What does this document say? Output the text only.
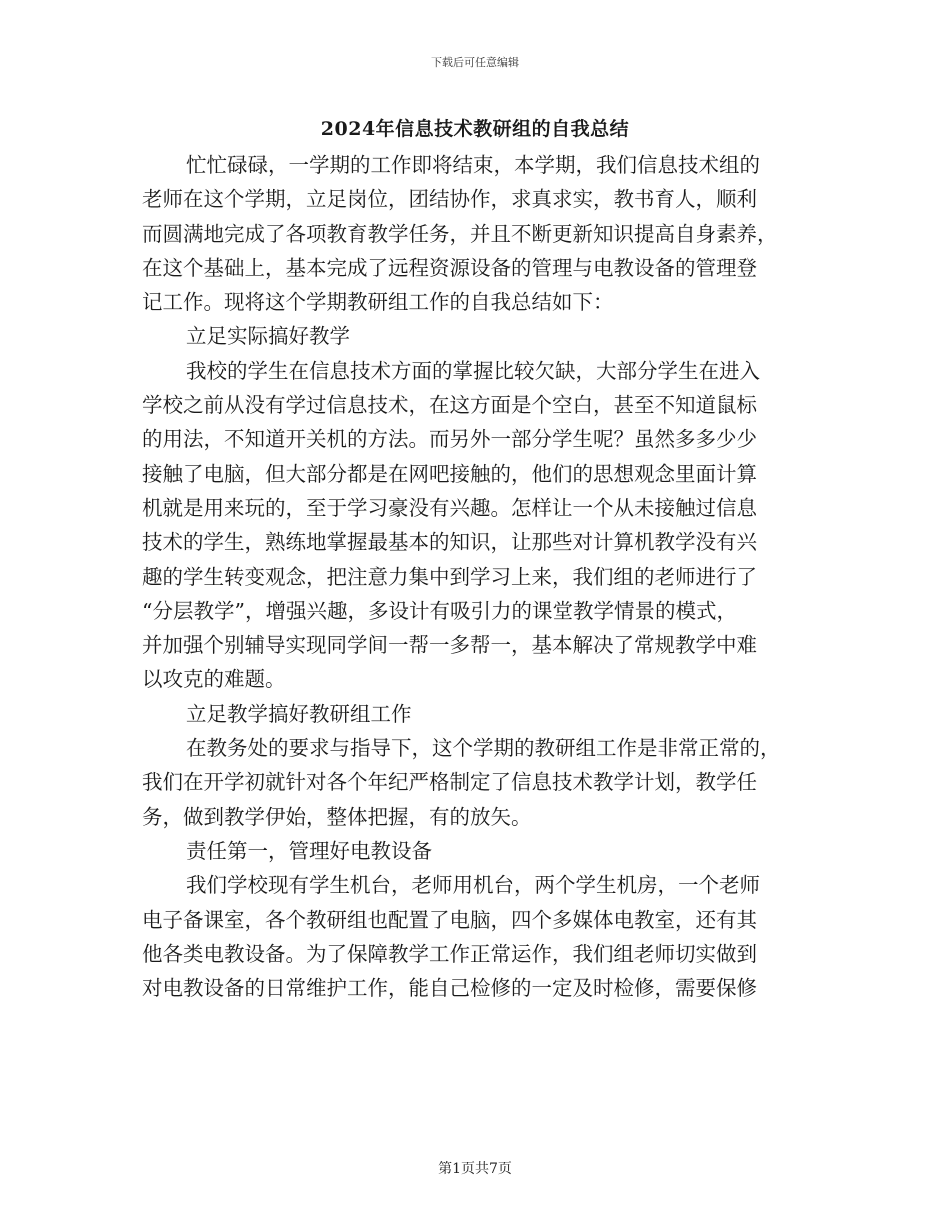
下载后可任意编辑
2024年信息技术教研组的自我总结
忙忙碌碌，一学期的工作即将结束，本学期，我们信息技术组的
老师在这个学期，立足岗位，团结协作，求真求实，教书育人，顺利
而圆满地完成了各项教育教学任务，并且不断更新知识提高自身素养，
在这个基础上，基本完成了远程资源设备的管理与电教设备的管理登
记工作。现将这个学期教研组工作的自我总结如下：
立足实际搞好教学
我校的学生在信息技术方面的掌握比较欠缺，大部分学生在进入
学校之前从没有学过信息技术，在这方面是个空白，甚至不知道鼠标
的用法，不知道开关机的方法。而另外一部分学生呢？虽然多多少少
接触了电脑，但大部分都是在网吧接触的，他们的思想观念里面计算
机就是用来玩的，至于学习豪没有兴趣。怎样让一个从未接触过信息
技术的学生，熟练地掌握最基本的知识，让那些对计算机教学没有兴
趣的学生转变观念，把注意力集中到学习上来，我们组的老师进行了
“分层教学”，增强兴趣，多设计有吸引力的课堂教学情景的模式，
并加强个别辅导实现同学间一帮一多帮一，基本解决了常规教学中难
以攻克的难题。
立足教学搞好教研组工作
在教务处的要求与指导下，这个学期的教研组工作是非常正常的，
我们在开学初就针对各个年纪严格制定了信息技术教学计划，教学任
务，做到教学伊始，整体把握，有的放矢。
责任第一，管理好电教设备
我们学校现有学生机台，老师用机台，两个学生机房，一个老师
电子备课室，各个教研组也配置了电脑，四个多媒体电教室，还有其
他各类电教设备。为了保障教学工作正常运作，我们组老师切实做到
对电教设备的日常维护工作，能自己检修的一定及时检修，需要保修
第1页共7页
